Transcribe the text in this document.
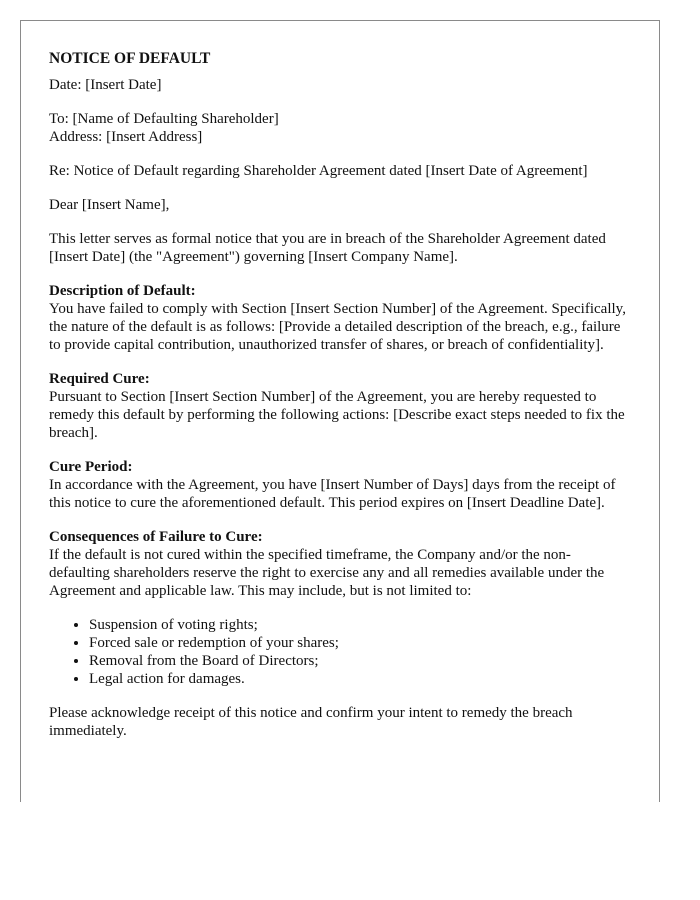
NOTICE OF DEFAULT

Date: [Insert Date]

To: [Name of Defaulting Shareholder]
Address: [Insert Address]

Re: Notice of Default regarding Shareholder Agreement dated [Insert Date of Agreement]

Dear [Insert Name],

This letter serves as formal notice that you are in breach of the Shareholder Agreement dated [Insert Date] (the "Agreement") governing [Insert Company Name].

Description of Default:
You have failed to comply with Section [Insert Section Number] of the Agreement. Specifically, the nature of the default is as follows: [Provide a detailed description of the breach, e.g., failure to provide capital contribution, unauthorized transfer of shares, or breach of confidentiality].
Required Cure:
Pursuant to Section [Insert Section Number] of the Agreement, you are hereby requested to remedy this default by performing the following actions: [Describe exact steps needed to fix the breach].
Cure Period:
In accordance with the Agreement, you have [Insert Number of Days] days from the receipt of this notice to cure the aforementioned default. This period expires on [Insert Deadline Date].
Consequences of Failure to Cure:
If the default is not cured within the specified timeframe, the Company and/or the non-defaulting shareholders reserve the right to exercise any and all remedies available under the Agreement and applicable law. This may include, but is not limited to:
• Suspension of voting rights;
• Forced sale or redemption of your shares;
• Removal from the Board of Directors;
• Legal action for damages.

Please acknowledge receipt of this notice and confirm your intent to remedy the breach immediately.
